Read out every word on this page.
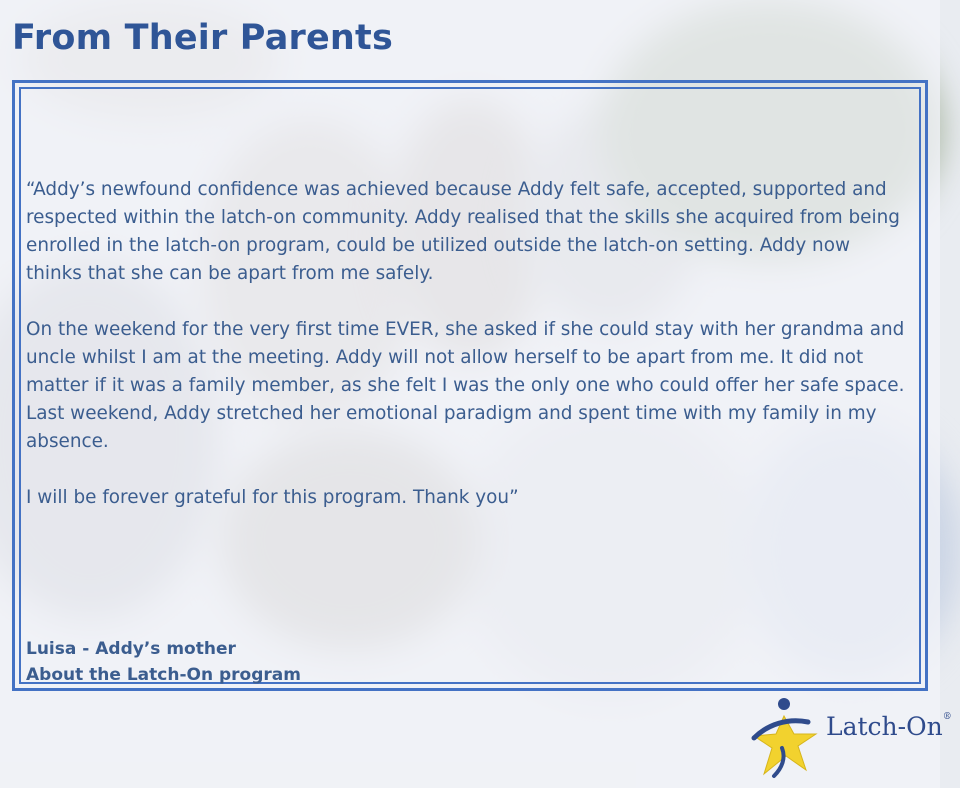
From Their Parents

“Addy’s newfound confidence was achieved because Addy felt safe, accepted, supported and respected within the latch-on community. Addy realised that the skills she acquired from being enrolled in the latch-on program, could be utilized outside the latch-on setting. Addy now thinks that she can be apart from me safely.

On the weekend for the very first time EVER, she asked if she could stay with her grandma and uncle whilst I am at the meeting. Addy will not allow herself to be apart from me. It did not matter if it was a family member, as she felt I was the only one who could offer her safe space. Last weekend, Addy stretched her emotional paradigm and spent time with my family in my absence.

I will be forever grateful for this program. Thank you”

Luisa - Addy’s mother
About the Latch-On program
Latch-On®
